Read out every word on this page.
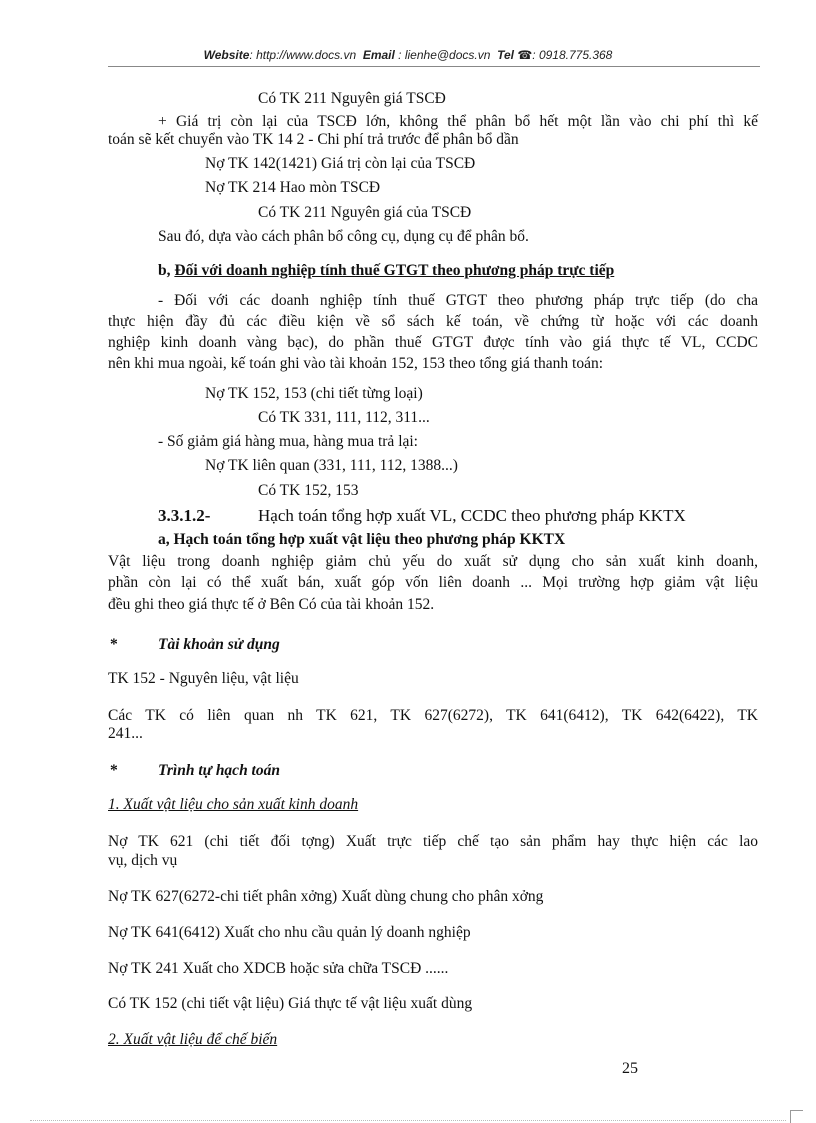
Website: http://www.docs.vn Email : lienhe@docs.vn Tel ☎: 0918.775.368
Có TK 211 Nguyên giá TSCĐ
+ Giá trị còn lại của TSCĐ lớn, không thể phân bổ hết một lần vào chi phí thì kế
toán sẽ kết chuyển vào TK 14 2 - Chi phí trả trước để phân bổ dần
Nợ TK 142(1421) Giá trị còn lại của TSCĐ
Nợ TK 214 Hao mòn TSCĐ
Có TK 211 Nguyên giá của TSCĐ
Sau đó, dựa vào cách phân bổ công cụ, dụng cụ để phân bổ.
b, Đối với doanh nghiệp tính thuế GTGT theo phương pháp trực tiếp
- Đối với các doanh nghiệp tính thuế GTGT theo phương pháp trực tiếp (do cha
thực hiện đầy đủ các điều kiện về sổ sách kế toán, về chứng từ hoặc với các doanh
nghiệp kinh doanh vàng bạc), do phần thuế GTGT được tính vào giá thực tế VL, CCDC
nên khi mua ngoài, kế toán ghi vào tài khoản 152, 153 theo tổng giá thanh toán:
Nợ TK 152, 153 (chi tiết từng loại)
Có TK 331, 111, 112, 311...
- Số giảm giá hàng mua, hàng mua trả lại:
Nợ TK liên quan (331, 111, 112, 1388...)
Có TK 152, 153
3.3.1.2-	Hạch toán tổng hợp xuất VL, CCDC theo phương pháp KKTX
a, Hạch toán tổng hợp xuất vật liệu theo phương pháp KKTX
Vật liệu trong doanh nghiệp giảm chủ yếu do xuất sử dụng cho sản xuất kinh doanh,
phần còn lại có thể xuất bán, xuất góp vốn liên doanh ... Mọi trường hợp giảm vật liệu
đều ghi theo giá thực tế ở Bên Có của tài khoản 152.
*	Tài khoản sử dụng
TK 152 - Nguyên liệu, vật liệu
Các TK có liên quan nh TK 621, TK 627(6272), TK 641(6412), TK 642(6422), TK
241...
*	Trình tự hạch toán
1. Xuất vật liệu cho sản xuất kinh doanh
Nợ TK 621 (chi tiết đối tợng) Xuất trực tiếp chế tạo sản phẩm hay thực hiện các lao
vụ, dịch vụ
Nợ TK 627(6272-chi tiết phân xởng) Xuất dùng chung cho phân xởng
Nợ TK 641(6412) Xuất cho nhu cầu quản lý doanh nghiệp
Nợ TK 241 Xuất cho XDCB hoặc sửa chữa TSCĐ ......
Có TK 152 (chi tiết vật liệu) Giá thực tế vật liệu xuất dùng
2. Xuất vật liệu để chế biến
25
